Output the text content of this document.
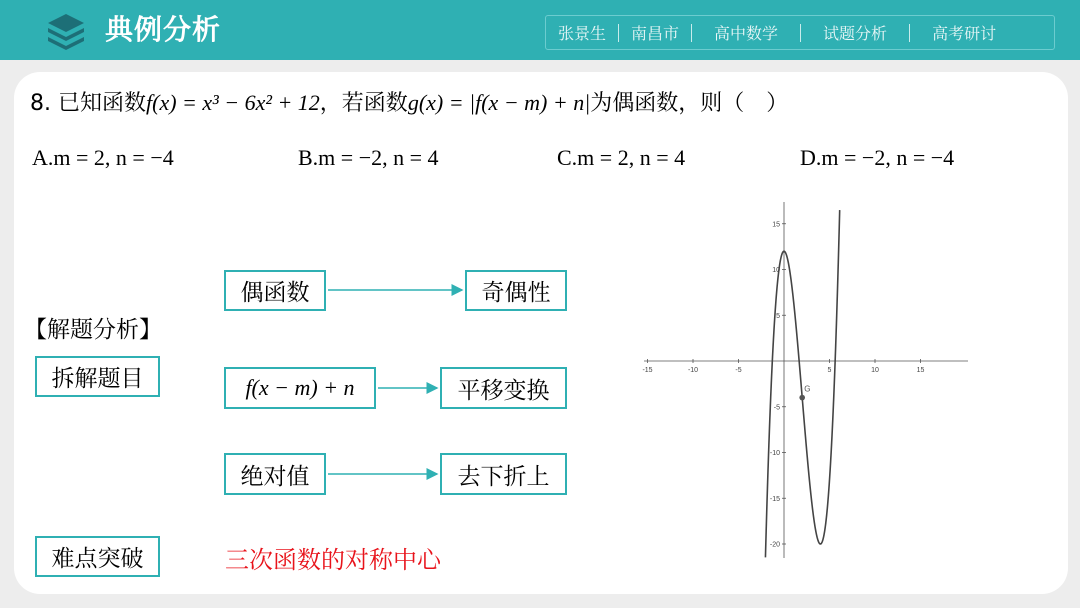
典例分析	张景生	南昌市	高中数学	试题分析	高考研讨
8. 已知函数f(x) = x³ − 6x² + 12，若函数g(x) = |f(x − m) + n|为偶函数，则（　）
A.m = 2, n = −4	B.m = −2, n = 4	C.m = 2, n = 4	D.m = −2, n = −4
【解题分析】
拆解题目
难点突破
偶函数	奇偶性
f(x − m) + n	平移变换
绝对值	去下折上
三次函数的对称中心
-15	-10	-5	5	10	15
15
10
5
-5
-10
-15
-20
G
